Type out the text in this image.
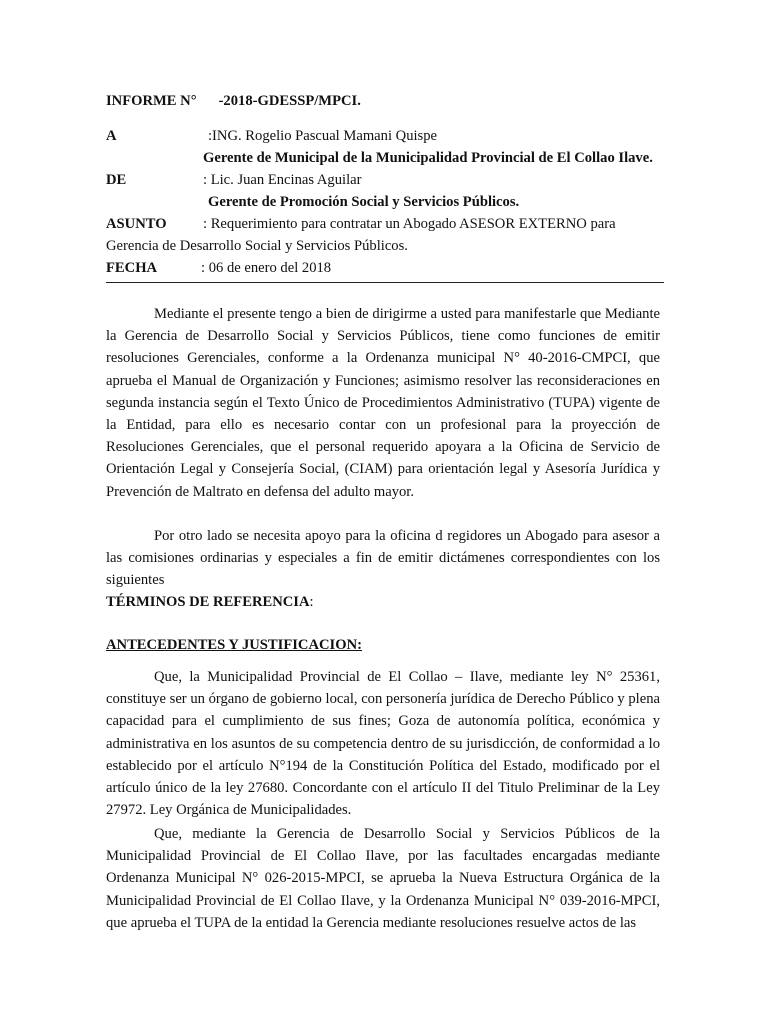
INFORME N° -2018-GDESSP/MPCI.
A	:ING. Rogelio Pascual Mamani Quispe
Gerente de Municipal de la Municipalidad Provincial de El Collao Ilave.
DE	: Lic. Juan Encinas Aguilar
Gerente de Promoción Social y Servicios Públicos.
ASUNTO : Requerimiento para contratar un Abogado ASESOR EXTERNO para
Gerencia de Desarrollo Social y Servicios Públicos.
FECHA	: 06 de enero del 2018

Mediante el presente tengo a bien de dirigirme a usted para manifestarle que Mediante la Gerencia de Desarrollo Social y Servicios Públicos, tiene como funciones de emitir resoluciones Gerenciales, conforme a la Ordenanza municipal N° 40-2016-CMPCI, que aprueba el Manual de Organización y Funciones; asimismo resolver las reconsideraciones en segunda instancia según el Texto Único de Procedimientos Administrativo (TUPA) vigente de la Entidad, para ello es necesario contar con un profesional para la proyección de Resoluciones Gerenciales, que el personal requerido apoyara a la Oficina de Servicio de Orientación Legal y Consejería Social, (CIAM) para orientación legal y Asesoría Jurídica y Prevención de Maltrato en defensa del adulto mayor.

Por otro lado se necesita apoyo para la oficina d regidores un Abogado para asesor a las comisiones ordinarias y especiales a fin de emitir dictámenes correspondientes con los siguientes

TÉRMINOS DE REFERENCIA:
ANTECEDENTES Y JUSTIFICACION:

Que, la Municipalidad Provincial de El Collao – Ilave, mediante ley N° 25361, constituye ser un órgano de gobierno local, con personería jurídica de Derecho Público y plena capacidad para el cumplimiento de sus fines; Goza de autonomía política, económica y administrativa en los asuntos de su competencia dentro de su jurisdicción, de conformidad a lo establecido por el artículo N°194 de la Constitución Política del Estado, modificado por el artículo único de la ley 27680. Concordante con el artículo II del Titulo Preliminar de la Ley 27972. Ley Orgánica de Municipalidades.

Que, mediante la Gerencia de Desarrollo Social y Servicios Públicos de la Municipalidad Provincial de El Collao Ilave, por las facultades encargadas mediante Ordenanza Municipal N° 026-2015-MPCI, se aprueba la Nueva Estructura Orgánica de la Municipalidad Provincial de El Collao Ilave, y la Ordenanza Municipal N° 039-2016-MPCI, que aprueba el TUPA de la entidad la Gerencia mediante resoluciones resuelve actos de las
